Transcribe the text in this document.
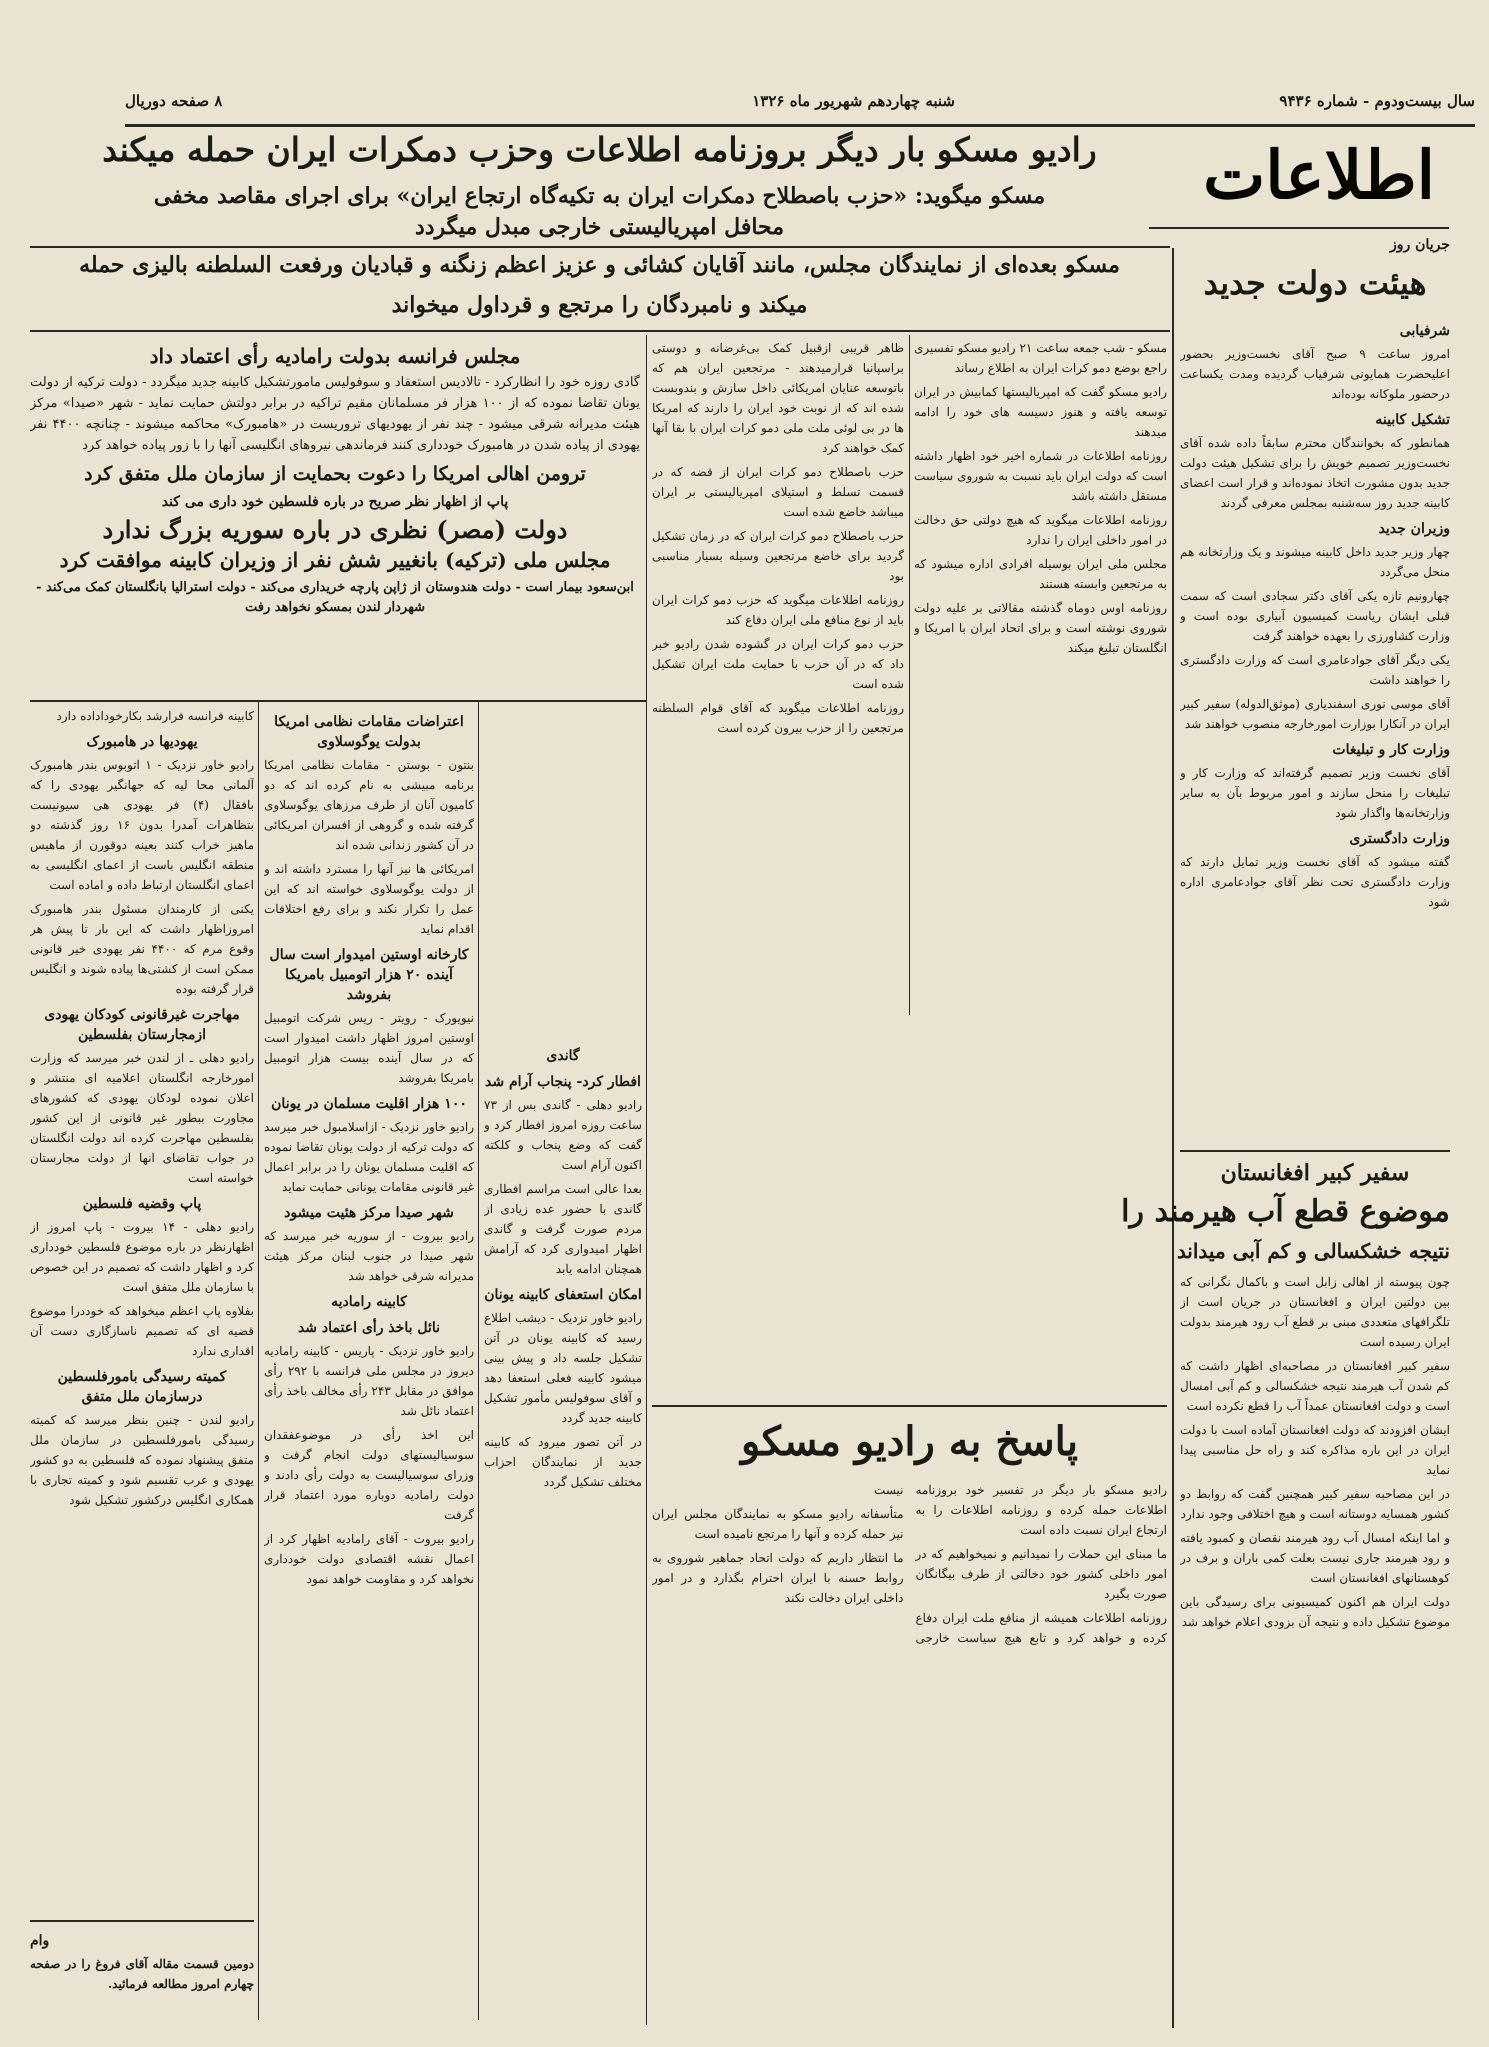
سال بیست‌ودوم - شماره ۹۴۳۶
شنبه چهاردهم شهریور ماه ۱۳۲۶
۸ صفحه دوریال
اطلاعات
رادیو مسکو بار دیگر بروزنامه اطلاعات وحزب دمکرات ایران حمله میکند
مسکو میگوید: «حزب باصطلاح دمکرات ایران به تکیه‌گاه ارتجاع ایران» برای اجرای مقاصد مخفی
محافل امپریالیستی خارجی مبدل میگردد
مسکو بعده‌ای از نمایندگان مجلس، مانند آقایان کشائی و عزیز اعظم زنگنه و قبادیان ورفعت السلطنه بالیزی حمله
میکند و نامبردگان را مرتجع و قرداول میخواند
مجلس فرانسه بدولت رامادیه رأی اعتماد داد

گادی روزه خود را انظارکرد - تالادیس استعفاد و سوفولیس مامورتشکیل کابینه جدید میگردد - دولت ترکیه از دولت یونان تقاضا نموده که از ۱۰۰ هزار فر مسلمانان مقیم تراکیه در برابر دولتش حمایت نماید - شهر «صیدا» مرکز هیئت مدیرانه شرقی میشود - چند نفر از یهودیهای تروریست در «هامبورک» محاکمه میشوند - چنانچه ۴۴۰۰ نفر یهودی از پیاده شدن در هامبورک خودداری کنند فرماندهی نیروهای انگلیسی آنها را با زور پیاده خواهد کرد

ترومن اهالی امریکا را دعوت بحمایت از سازمان ملل متفق کرد
پاپ از اظهار نظر صریح در باره فلسطین خود داری می کند
دولت (مصر) نظری در باره سوریه بزرگ ندارد
مجلس ملی (ترکیه) بانغییر شش نفر از وزیران کابینه موافقت کرد
ابن‌سعود بیمار است - دولت هندوستان از ژاپن پارچه خریداری می‌کند - دولت استرالیا بانگلستان کمک می‌کند - شهردار لندن بمسکو نخواهد رفت

کابینه فرانسه فرارشد بکارخوداداده دارد

یهودیها در هامبورک

رادیو خاور نزدیک - ۱ اتوبوس بندر هامبورک آلمانی محا لیه که جهانگیر یهودی را که بافقال (۴) فر یهودی هی‌ سیونیست بتظاهرات آمدرا بدون ۱۶ روز گذشته دو ماهیز خراب کنند بعینه دوقورن از ماهیس منطقه انگلیس باست از اعمای انگلیسی به اعمای انگلستان ارتباط داده و اماده است

یکنی از کارمندان مسئول بندر هامبورک امروزاظهار داشت که این بار تا پیش هر وقوع مرم که ۴۴۰۰ نفر یهودی خیر قانونی ممکن است از کشتی‌ها پیاده شوند و انگلیس قرار گرفته بوده

مهاجرت غیرقانونی کودکان یهودی ازمجارستان بفلسطین

رادیو دهلی ـ از لندن خبر میرسد که وزارت امورخارجه انگلستان اعلامیه ای منتشر و اعلان نموده لودکان یهودی که کشورهای مجاورت ببطور غیر قانونی از این کشور بفلسطین مهاجرت کرده اند دولت انگلستان در جواب تقاضای انها از دولت مجارستان خواسته است

پاپ وقضیه فلسطین

رادیو دهلی - ۱۴ بیروت - پاپ امروز از اظهارنظر در باره موضوع فلسطین خودداری کرد و اظهار داشت که تصمیم در این خصوص با سازمان ملل متفق است

بفلاوه پاپ اعظم میخواهد که خوددرا موضوع قضیه ای که تصمیم ناسازگاری دست آن اقداری ندارد

کمیته رسیدگی بامورفلسطین درسازمان ملل متفق

رادیو لندن - چنین بنظر میرسد که کمیته رسیدگی بامورفلسطین در سازمان ملل متفق پیشنهاد نموده که فلسطین به دو کشور یهودی و عرب تقسیم شود و کمیته تجاری با همکاری انگلیس درکشور تشکیل شود

وام

دومین قسمت مقاله آقای فروغ را در صفحه چهارم امروز مطالعه فرمائید.

اعتراضات مقامات نظامی امریکا بدولت یوگوسلاوی

بنتون - بوستن - مقامات نظامی امریکا برنامه مبیشی به نام کرده اند که دو کامیون آنان از طرف مرزهای یوگوسلاوی گرفته شده و گروهی از افسران امریکائی در آن کشور زندانی شده اند

امریکائی ها نیز آنها را مسترد داشته اند و از دولت یوگوسلاوی خواسته اند که این عمل را تکرار نکند و برای رفع اختلافات اقدام نماید

کارخانه اوستین امیدوار است سال آینده ۲۰ هزار اتومبیل بامریکا بفروشد

نیویورک - رویتر - ریس شرکت اتومبیل اوستین امروز اظهار داشت امیدوار است که در سال آینده بیست هزار اتومبیل بامریکا بفروشد

۱۰۰ هزار اقلیت مسلمان در یونان

رادیو خاور نزدیک - ازاسلامبول خبر میرسد که دولت ترکیه از دولت یونان تقاضا نموده که اقلیت مسلمان یونان را در برابر اعمال غیر قانونی مقامات یونانی حمایت نماید

شهر صیدا مرکز هئیت میشود

رادیو بیروت - از سوریه خبر میرسد که شهر صیدا در جنوب لبنان مرکز هیئت مدیرانه شرقی خواهد شد

کابینه رامادیه
نائل باخذ رأی اعتماد شد

رادیو خاور نزدیک - پاریس - کابینه رامادیه دیروز در مجلس ملی فرانسه با ۲۹۲ رأی موافق در مقابل ۲۴۳ رأی مخالف باخذ رأی اعتماد نائل شد

این اخذ رأی در موضوعفقدان سوسیالیستهای دولت انجام گرفت و وزرای سوسیالیست به دولت رأی دادند و دولت رامادیه دوباره مورد اعتماد قرار گرفت

رادیو بیروت - آقای رامادیه اظهار کرد از اعمال نقشه اقتصادی دولت خودداری نخواهد کرد و مقاومت خواهد نمود

گاندی
افطار کرد- پنجاب آرام شد

رادیو دهلی - گاندی بس از ۷۳ ساعت روزه امروز افطار کرد و گفت که وضع پنجاب و کلکته اکنون آرام است

بعدا عالی است مراسم افطاری گاندی با حضور عده زیادی از مردم صورت گرفت و گاندی اظهار امیدواری کرد که آرامش همچنان ادامه یابد

امکان استعفای کابینه یونان

رادیو خاور نزدیک - دیشب اطلاع رسید که کابینه یونان در آتن تشکیل جلسه داد و پیش بینی میشود کابینه فعلی استعفا دهد و آقای سوفولیس مأمور تشکیل کابینه جدید گردد

در آتن تصور میرود که کابینه جدید از نمایندگان احزاب مختلف تشکیل گردد

ظاهر قریبی ازقبیل کمک بی‌غرضانه و دوستی براسپانیا قرارمیدهند - مرتجعین ایران هم که باتوسعه عنایان امریکائی داخل سازش و بندوبست شده اند که از نوبت خود ایران را دارند که امریکا ها در بی لوئی ملت ملی دمو کرات ایران با بقا آنها کمک خواهند کرد

حزب باصطلاح دمو کرات ایران از قضه که در قسمت تسلط و استیلای امپریالیستی بر ایران میباشد خاضع شده است

حزب باصطلاح دمو کرات ایران که در زمان تشکیل گردید برای خاضع مرتجعین وسیله بسیار مناسبی بود

روزنامه اطلاعات میگوید که حزب دمو کرات ایران باید از نوع منافع ملی ایران دفاع کند

حزب دمو کرات ایران در گشوده شدن رادیو خبر داد که در آن حزب با حمایت ملت ایران تشکیل شده است

روزنامه اطلاعات میگوید که آقای قوام السلطنه مرتجعین را از حزب بیرون کرده است

مسکو - شب جمعه ساعت ۲۱ رادیو مسکو تفسیری راجع بوضع دمو کرات ایران به اطلاع رساند

رادیو مسکو گفت که امپریالیستها کمابیش در ایران توسعه یافته و هنوز دسیسه های خود را ادامه میدهند

روزنامه اطلاعات در شماره اخیر خود اظهار داشته است که دولت ایران باید نسبت به شوروی سیاست مستقل داشته باشد

روزنامه اطلاعات میگوید که هیچ دولتی حق دخالت در امور داخلی ایران را ندارد

مجلس ملی ایران بوسیله افرادی اداره میشود که به مرتجعین وابسته هستند

روزنامه اوس دوماه گذشته مقالاتی بر علیه دولت شوروی نوشته است و برای اتحاد ایران با امریکا و انگلستان تبلیغ میکند

پاسخ به رادیو مسکو

رادیو مسکو بار دیگر در تفسیر خود بروزنامه اطلاعات حمله کرده و روزنامه اطلاعات را به ارتجاع ایران نسبت داده است

ما مبنای این حملات را نمیدانیم و نمیخواهیم که در امور داخلی کشور خود دخالتی از طرف بیگانگان صورت بگیرد

روزنامه اطلاعات همیشه از منافع ملت ایران دفاع کرده و خواهد کرد و تابع هیچ سیاست خارجی نیست

متأسفانه رادیو مسکو به نمایندگان مجلس ایران نیز حمله کرده و آنها را مرتجع نامیده است

ما انتظار داریم که دولت اتحاد جماهیر شوروی به روابط حسنه با ایران احترام بگذارد و در امور داخلی ایران دخالت نکند

جریان روز
هیئت دولت جدید
شرفیابی

امروز ساعت ۹ صبح آقای نخست‌وزیر بحضور اعلیحضرت همایونی شرفیاب گردیده ومدت یکساعت درحضور ملوکانه بوده‌اند

تشکیل کابینه

همانطور که بخوانندگان محترم سابقاً داده‌ شده آقای نخست‌وزیر تصمیم خویش را برای تشکیل هیئت دولت جدید بدون مشورت اتخاذ نموده‌اند و قرار است اعضای کابینه جدید روز سه‌شنبه بمجلس معرفی گردند

وزیران جدید

چهار وزیر جدید داخل کابینه میشوند و یک وزارتخانه هم منحل می‌گردد

چهارونیم تازه یکی آقای دکتر سجادی است که سمت قبلی ایشان ریاست کمیسیون آبیاری بوده است و وزارت کشاورزی را بعهده خواهند گرفت

یکی دیگر آقای جوادعامری است که وزارت دادگستری را خواهند داشت

آقای موسی نوری اسفندیاری (موثق‌الدوله) سفیر کبیر ایران در آنکارا بوزارت امورخارجه منصوب خواهند شد

وزارت کار و تبلیغات

آقای نخست وزیر تصمیم گرفته‌اند که وزارت کار و تبلیغات را منحل سازند و امور مربوط بآن به سایر وزارتخانه‌ها واگذار شود

وزارت دادگستری

گفته میشود که آقای نخست وزیر تمایل دارند که وزارت دادگستری تحت نظر آقای جوادعامری اداره شود

سفیر کبیر افغانستان
موضوع قطع آب هیرمند را
نتیجه خشکسالی و کم آبی میداند

چون پیوسته از اهالی زابل است و باکمال نگرانی که بین دولتین ایران و افغانستان در جریان است از تلگرافهای متعددی مبنی بر قطع آب رود هیرمند بدولت ایران رسیده است

سفیر کبیر افغانستان در مصاحبه‌ای اظهار داشت که کم شدن آب هیرمند نتیجه خشکسالی و کم آبی امسال است و دولت افغانستان عمداً آب را قطع نکرده است

ایشان افزودند که دولت افغانستان آماده است با دولت ایران در این باره مذاکره کند و راه حل مناسبی پیدا نماید

در این مصاحبه سفیر کبیر همچنین گفت که روابط دو کشور همسایه دوستانه است و هیچ اختلافی وجود ندارد

و اما اینکه امسال آب رود هیرمند نقصان و کمبود یافته و رود هیرمند جاری نیست بعلت کمی باران و برف در کوهستانهای افغانستان است

دولت ایران هم اکنون کمیسیونی برای رسیدگی باین موضوع تشکیل داده و نتیجه آن بزودی اعلام خواهد شد
